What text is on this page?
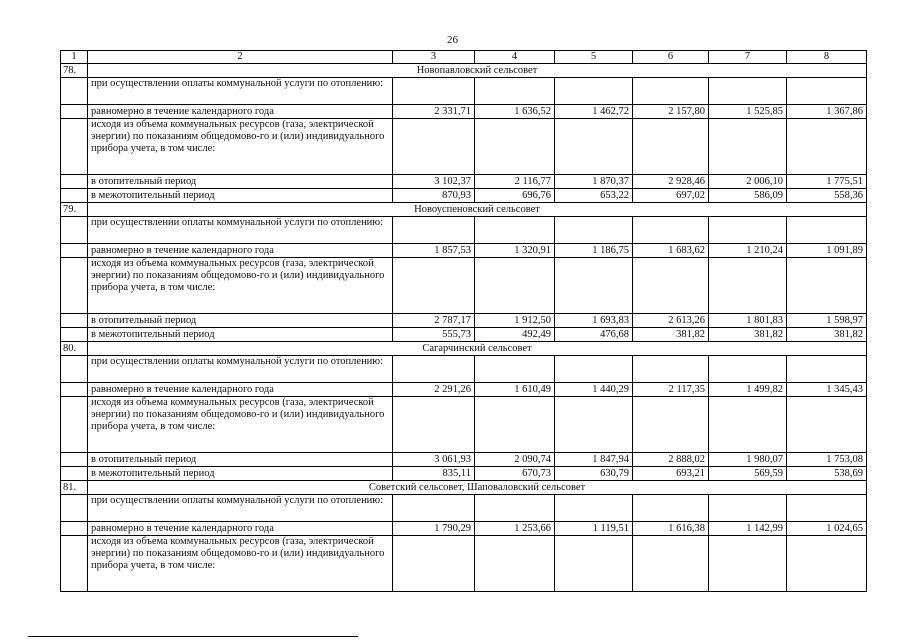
26
1	2	3	4	5	6	7	8
78.	Новопавловский сельсовет						
	при осуществлении оплаты коммунальной услуги по отоплению:						
	равномерно в течение календарного года	2 331,71	1 636,52	1 462,72	2 157,80	1 525,85	1 367,86
	исходя из объема коммунальных ресурсов (газа, электрической энергии) по показаниям общедомово-го и (или) индивидуального прибора учета, в том числе:						
	в отопительный период	3 102,37	2 116,77	1 870,37	2 928,46	2 006,10	1 775,51
	в межотопительный период	870,93	696,76	653,22	697,02	586,09	558,36
79.	Новоуспеновский сельсовет						
	при осуществлении оплаты коммунальной услуги по отоплению:						
	равномерно в течение календарного года	1 857,53	1 320,91	1 186,75	1 683,62	1 210,24	1 091,89
	исходя из объема коммунальных ресурсов (газа, электрической энергии) по показаниям общедомово-го и (или) индивидуального прибора учета, в том числе:						
	в отопительный период	2 787,17	1 912,50	1 693,83	2 613,26	1 801,83	1 598,97
	в межотопительный период	555,73	492,49	476,68	381,82	381,82	381,82
80.	Сагарчинский сельсовет						
	при осуществлении оплаты коммунальной услуги по отоплению:						
	равномерно в течение календарного года	2 291,26	1 610,49	1 440,29	2 117,35	1 499,82	1 345,43
	исходя из объема коммунальных ресурсов (газа, электрической энергии) по показаниям общедомово-го и (или) индивидуального прибора учета, в том числе:						
	в отопительный период	3 061,93	2 090,74	1 847,94	2 888,02	1 980,07	1 753,08
	в межотопительный период	835,11	670,73	630,79	693,21	569,59	538,69
81.	Советский сельсовет, Шаповаловский сельсовет						
	при осуществлении оплаты коммунальной услуги по отоплению:						
	равномерно в течение календарного года	1 790,29	1 253,66	1 119,51	1 616,38	1 142,99	1 024,65
	исходя из объема коммунальных ресурсов (газа, электрической энергии) по показаниям общедомово-го и (или) индивидуального прибора учета, в том числе:						
